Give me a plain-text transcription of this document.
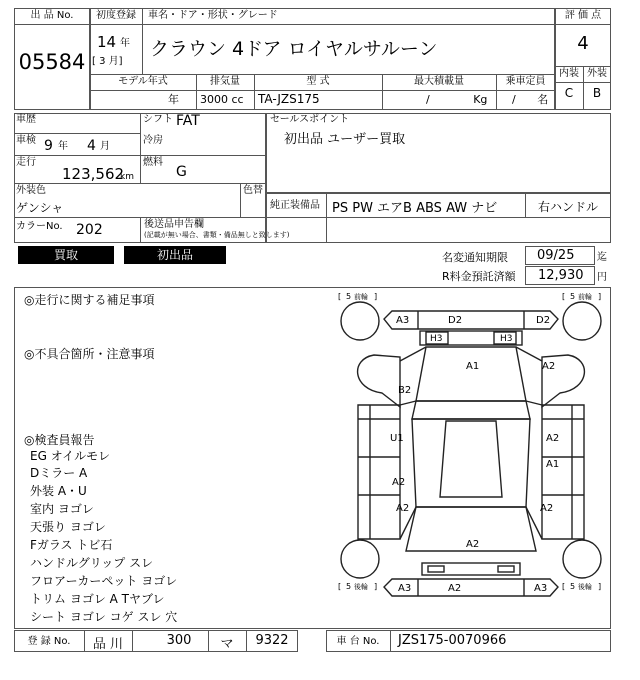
出 品 No.
05584
初度登録	車名・ドア・形状・グレード
14 年
[ 3 月]
クラウン 4ドア ロイヤルサルーン
モデル年式	排気量	型 式	最大積載量	乗車定員
年 3000 cc TA-JZS175	/ Kg / 名
評 価 点
4
内装 外装
C	B
車歴
車検 9 年 4 月
走行
123,562
km
シフト FAT
冷房
燃料
G
外装色
ゲンシャ
色替
カラーNo. 202	後送品申告欄
(記載が無い場合、書類・備品無しと致します)
セールスポイント
初出品 ユーザー買取
純正装備品 PS PW エアB ABS AW ナビ	右ハンドル
買取	初出品	名変通知期限 09/25 迄
R料金預託済額 12,930 円
◎走行に関する補足事項
◎不具合箇所・注意事項
◎検査員報告
EG オイルモレ
Dミラー A
外装 A・U
室内 ヨゴレ
天張り ヨゴレ
Fガラス トビ石
ハンドルグリップ スレ
フロアーカーペット ヨゴレ
トリム ヨゴレ A Tヤブレ
シート ヨゴレ コゲ スレ 穴
[ 5 前輪 ]	[ 5 前輪 ]
[ 5 後輪 ]	[ 5 後輪 ]
A3	D2	D2
H3	H3
A1	A2
B2
U1	A2
A1
A2
A2	A2
A2
A3	A2	A3
登 録 No.	品 川	300	マ	9322	車 台 No.	JZS175-0070966
